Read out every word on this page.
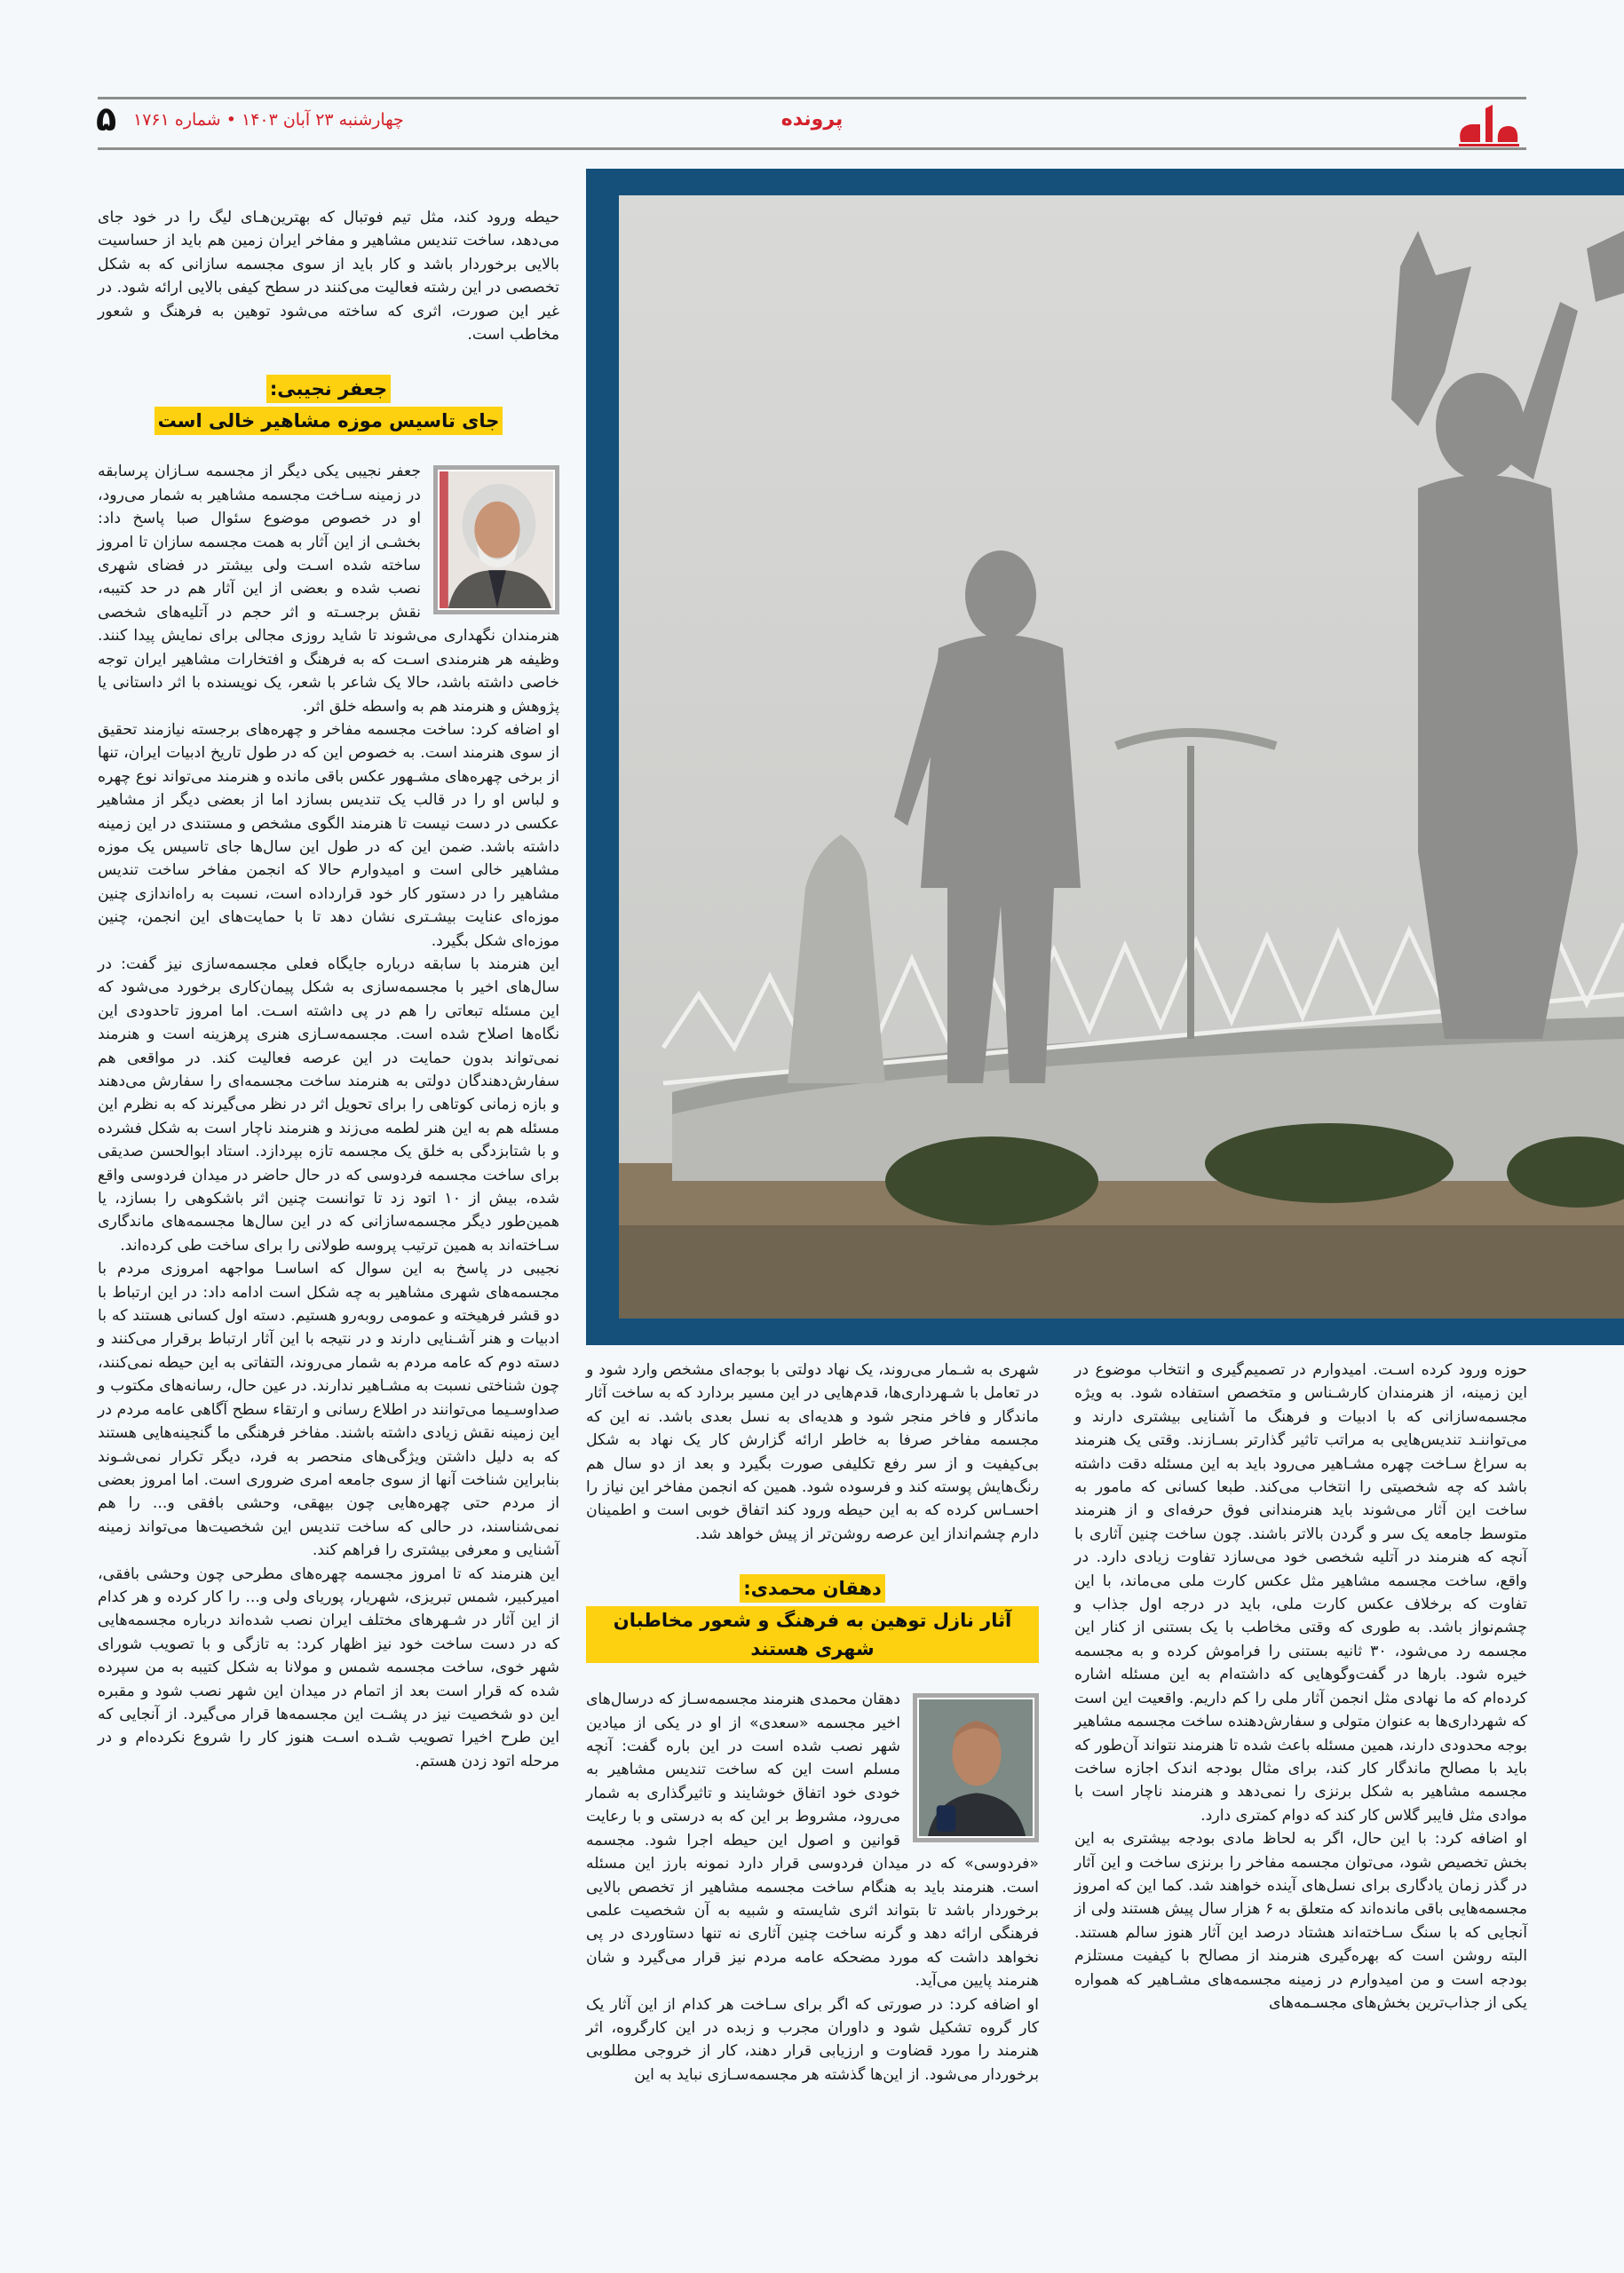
پرونده
چهارشنبه ۲۳ آبان ۱۴۰۳ • شماره ۱۷۶۱
۵

حیطه ورود کند، مثل تیم فوتبال که بهترین‌هـای لیگ را در خود جای می‌دهد، ساخت تندیس مشاهیر و مفاخر ایران زمین هم باید از حساسیت بالایی برخوردار باشد و کار باید از سوی مجسمه سازانی که به شکل تخصصی در این رشته فعالیت می‌کنند در سطح کیفی بالایی ارائه شود. در غیر این صورت، اثری که ساخته می‌شود توهین به فرهنگ و شعور مخاطب است.

جعفر نجیبی:
جای تاسیس موزه مشاهیر خالی است

جعفر نجیبی یکی دیگر از مجسمه سـازان پرسابقه در زمینه سـاخت مجسمه مشاهیر به شمار می‌رود، او در خصوص موضوع سئوال صبا پاسخ داد: بخشـی از این آثار به همت مجسمه سازان تا امروز ساخته شده اسـت ولی بیشتر در فضای شهری نصب شده و بعضی از این آثار هم در حد کتیبه، نقش برجسـته و اثر حجم در آتلیه‌های شخصی هنرمندان نگهداری می‌شوند تا شاید روزی مجالی برای نمایش پیدا کنند. وظیفه هر هنرمندی اسـت که به فرهنگ و افتخارات مشاهیر ایران توجه خاصی داشته باشد، حالا یک شاعر با شعر، یک نویسنده با اثر داستانی یا پژوهش و هنرمند هم به واسطه خلق اثر.

او اضافه کرد: ساخت مجسمه مفاخر و چهره‌های برجسته نیازمند تحقیق از سوی هنرمند است. به خصوص این که در طول تاریخ ادبیات ایران، تنها از برخی چهره‌های مشـهور عکس باقی مانده و هنرمند می‌تواند نوع چهره و لباس او را در قالب یک تندیس بسازد اما از بعضی دیگر از مشاهیر عکسی در دست نیست تا هنرمند الگوی مشخص و مستندی در این زمینه داشته باشد. ضمن این که در طول این سال‌ها جای تاسیس یک موزه مشاهیر خالی است و امیدوارم حالا که انجمن مفاخر ساخت تندیس مشاهیر را در دستور کار خود قرارداده است، نسبت به راه‌اندازی چنین موزه‌ای عنایت بیشـتری نشان دهد تا با حمایت‌های این انجمن، چنین موزه‌ای شکل بگیرد.

این هنرمند با سابقه درباره جایگاه فعلی مجسمه‌سازی نیز گفت: در سال‌های اخیر با مجسمه‌سازی به شکل پیمان‌کاری برخورد می‌شود که این مسئله تبعاتی را هم در پی داشته اسـت. اما امروز تاحدودی این نگاه‌ها اصلاح شده است. مجسمه‌سـازی هنری پرهزینه است و هنرمند نمی‌تواند بدون حمایت در این عرصه فعالیت کند. در مواقعی هم سفارش‌دهندگان دولتی به هنرمند ساخت مجسمه‌ای را سفارش می‌دهند و بازه زمانی کوتاهی را برای تحویل اثر در نظر می‌گیرند که به نظرم این مسئله هم به این هنر لطمه می‌زند و هنرمند ناچار است به شکل فشرده و با شتابزدگی به خلق یک مجسمه تازه بپردازد. استاد ابوالحسن صدیقی برای ساخت مجسمه فردوسی که در حال حاضر در میدان فردوسی واقع شده، بیش از ۱۰ اتود زد تا توانست چنین اثر باشکوهی را بسازد، یا همین‌طور دیگر مجسمه‌سازانی که در این سال‌ها مجسمه‌های ماندگاری سـاخته‌اند به همین ترتیب پروسه طولانی را برای ساخت طی کرده‌اند.

نجیبی در پاسخ به این سوال که اساسـا مواجهه امروزی مردم با مجسمه‌های شهری مشاهیر به چه شکل است ادامه داد: در این ارتباط با دو قشر فرهیخته و عمومی روبه‌رو هستیم. دسته اول کسانی هستند که با ادبیات و هنر آشـنایی دارند و در نتیجه با این آثار ارتباط برقرار می‌کنند و دسته دوم که عامه مردم به شمار می‌روند، التفاتی به این حیطه نمی‌کنند، چون شناختی نسبت به مشـاهیر ندارند. در عین حال، رسانه‌های مکتوب و صداوسـیما می‌توانند در اطلاع رسانی و ارتقاء سطح آگاهی عامه مردم در این زمینه نقش زیادی داشته باشند. مفاخر فرهنگی ما گنجینه‌هایی هستند که به دلیل داشتن ویژگی‌های منحصر به فرد، دیگر تکرار نمی‌شـوند بنابراین شناخت آنها از سوی جامعه امری ضروری است. اما امروز بعضی از مردم حتی چهره‌هایی چون بیهقی، وحشی بافقی و... را هم نمی‌شناسند، در حالی که ساخت تندیس این شخصیت‌ها می‌تواند زمینه آشنایی و معرفی بیشتری را فراهم کند.

این هنرمند که تا امروز مجسمه چهره‌های مطرحی چون وحشی بافقی، امیرکبیر، شمس تبریزی، شهریار، پوریای ولی و... را کار کرده و هر کدام از این آثار در شـهرهای مختلف ایران نصب شده‌اند درباره مجسمه‌هایی که در دست ساخت خود نیز اظهار کرد: به تازگی و با تصویب شورای شهر خوی، ساخت مجسمه شمس و مولانا به شکل کتیبه به من سپرده شده که قرار است بعد از اتمام در میدان این شهر نصب شود و مقبره این دو شخصیت نیز در پشـت این مجسمه‌ها قرار می‌گیرد. از آنجایی که این طرح اخیرا تصویب شـده اسـت هنوز کار را شروع نکرده‌ام و در مرحله اتود زدن هستم.

شهری به شـمار می‌روند، یک نهاد دولتی با بوجه‌ای مشخص وارد شود و در تعامل با شـهرداری‌ها، قدم‌هایی در این مسیر بردارد که به ساخت آثار ماندگار و فاخر منجر شود و هدیه‌ای به نسل بعدی باشد. نه این که مجسمه مفاخر صرفا به خاطر ارائه گزارش کار یک نهاد به شکل بی‌کیفیت و از سر رفع تکلیفی صورت بگیرد و بعد از دو سال هم رنگ‌هایش پوسته کند و فرسوده شود. همین که انجمن مفاخر این نیاز را احسـاس کرده که به این حیطه ورود کند اتفاق خوبی است و اطمینان دارم چشم‌انداز این عرصه روشن‌تر از پیش خواهد شد.

دهقان محمدی:
آثار نازل توهین به فرهنگ و شعور مخاطبان شهری هستند

دهقان محمدی هنرمند مجسمه‌سـاز که درسال‌های اخیر مجسمه «سعدی» از او در یکی از میادین شهر نصب شده است در این باره گفت: آنچه مسلم است این که ساخت تندیس مشاهیر به خودی خود اتفاق خوشایند و تاثیرگذاری به شمار می‌رود، مشروط بر این که به درستی و با رعایت قوانین و اصول این حیطه اجرا شود. مجسمه «فردوسی» که در میدان فردوسی قرار دارد نمونه بارز این مسئله است. هنرمند باید به هنگام ساخت مجسمه مشاهیر از تخصص بالایی برخوردار باشد تا بتواند اثری شایسته و شبیه به آن شخصیت علمی فرهنگی ارائه دهد و گرنه ساخت چنین آثاری نه تنها دستاوردی در پی نخواهد داشت که مورد مضحکه عامه مردم نیز قرار می‌گیرد و شان هنرمند پایین می‌آید.

او اضافه کرد: در صورتی که اگر برای سـاخت هر کدام از این آثار یک کار گروه تشکیل شود و داوران مجرب و زبده در این کارگروه، اثر هنرمند را مورد قضاوت و ارزیابی قرار دهند، کار از خروجی مطلوبی برخوردار می‌شود. از این‌ها گذشته هر مجسمه‌سـازی نباید به این

حوزه ورود کرده اسـت. امیدوارم در تصمیم‌گیری و انتخاب موضوع در این زمینه، از هنرمندان کارشـناس و متخصص استفاده شود. به ویژه مجسمه‌سازانی که با ادبیات و فرهنگ ما آشنایی بیشتری دارند و می‌تواننـد تندیس‌هایی به مراتب تاثیر گذارتر بسـازند. وقتی یک هنرمند به سراغ سـاخت چهره مشـاهیر می‌رود باید به این مسئله دقت داشته باشد که چه شخصیتی را انتخاب می‌کند. طبعا کسانی که مامور به ساخت این آثار می‌شوند باید هنرمندانی فوق حرفه‌ای و از هنرمند متوسط جامعه یک سر و گردن بالاتر باشند. چون ساخت چنین آثاری با آنچه که هنرمند در آتلیه شخصی خود می‌سازد تفاوت زیادی دارد. در واقع، ساخت مجسمه مشاهیر مثل عکس کارت ملی می‌ماند، با این تفاوت که برخلاف عکس کارت ملی، باید در درجه اول جذاب و چشم‌نواز باشد. به طوری که وقتی مخاطب با یک بستنی از کنار این مجسمه رد می‌شود، ۳۰ ثانیه بستنی را فراموش کرده و به مجسمه خیره شود. بارها در گفت‌وگوهایی که داشته‌ام به این مسئله اشاره کرده‌ام که ما نهادی مثل انجمن آثار ملی را کم داریم. واقعیت این است که شهرداری‌ها به عنوان متولی و سفارش‌دهنده ساخت مجسمه مشاهیر بوجه محدودی دارند، همین مسئله باعث شده تا هنرمند نتواند آن‌طور که باید با مصالح ماندگار کار کند، برای مثال بودجه اندک اجازه ساخت مجسمه مشاهیر به شکل برنزی را نمی‌دهد و هنرمند ناچار است با موادی مثل فایبر گلاس کار کند که دوام کمتری دارد.

او اضافه کرد: با این حال، اگر به لحاظ مادی بودجه بیشتری به این بخش تخصیص شود، می‌توان مجسمه مفاخر را برنزی ساخت و این آثار در گذر زمان یادگاری برای نسل‌های آینده خواهند شد. کما این که امروز مجسمه‌هایی باقی مانده‌اند که متعلق به ۶ هزار سال پیش هستند ولی از آنجایی که با سنگ سـاخته‌اند هشتاد درصد این آثار هنوز سالم هستند. البته روشن است که بهره‌گیری هنرمند از مصالح با کیفیت مستلزم بودجه است و من امیدوارم در زمینه مجسمه‌های مشـاهیر که همواره یکی از جذاب‌ترین بخش‌های مجسـمه‌های
